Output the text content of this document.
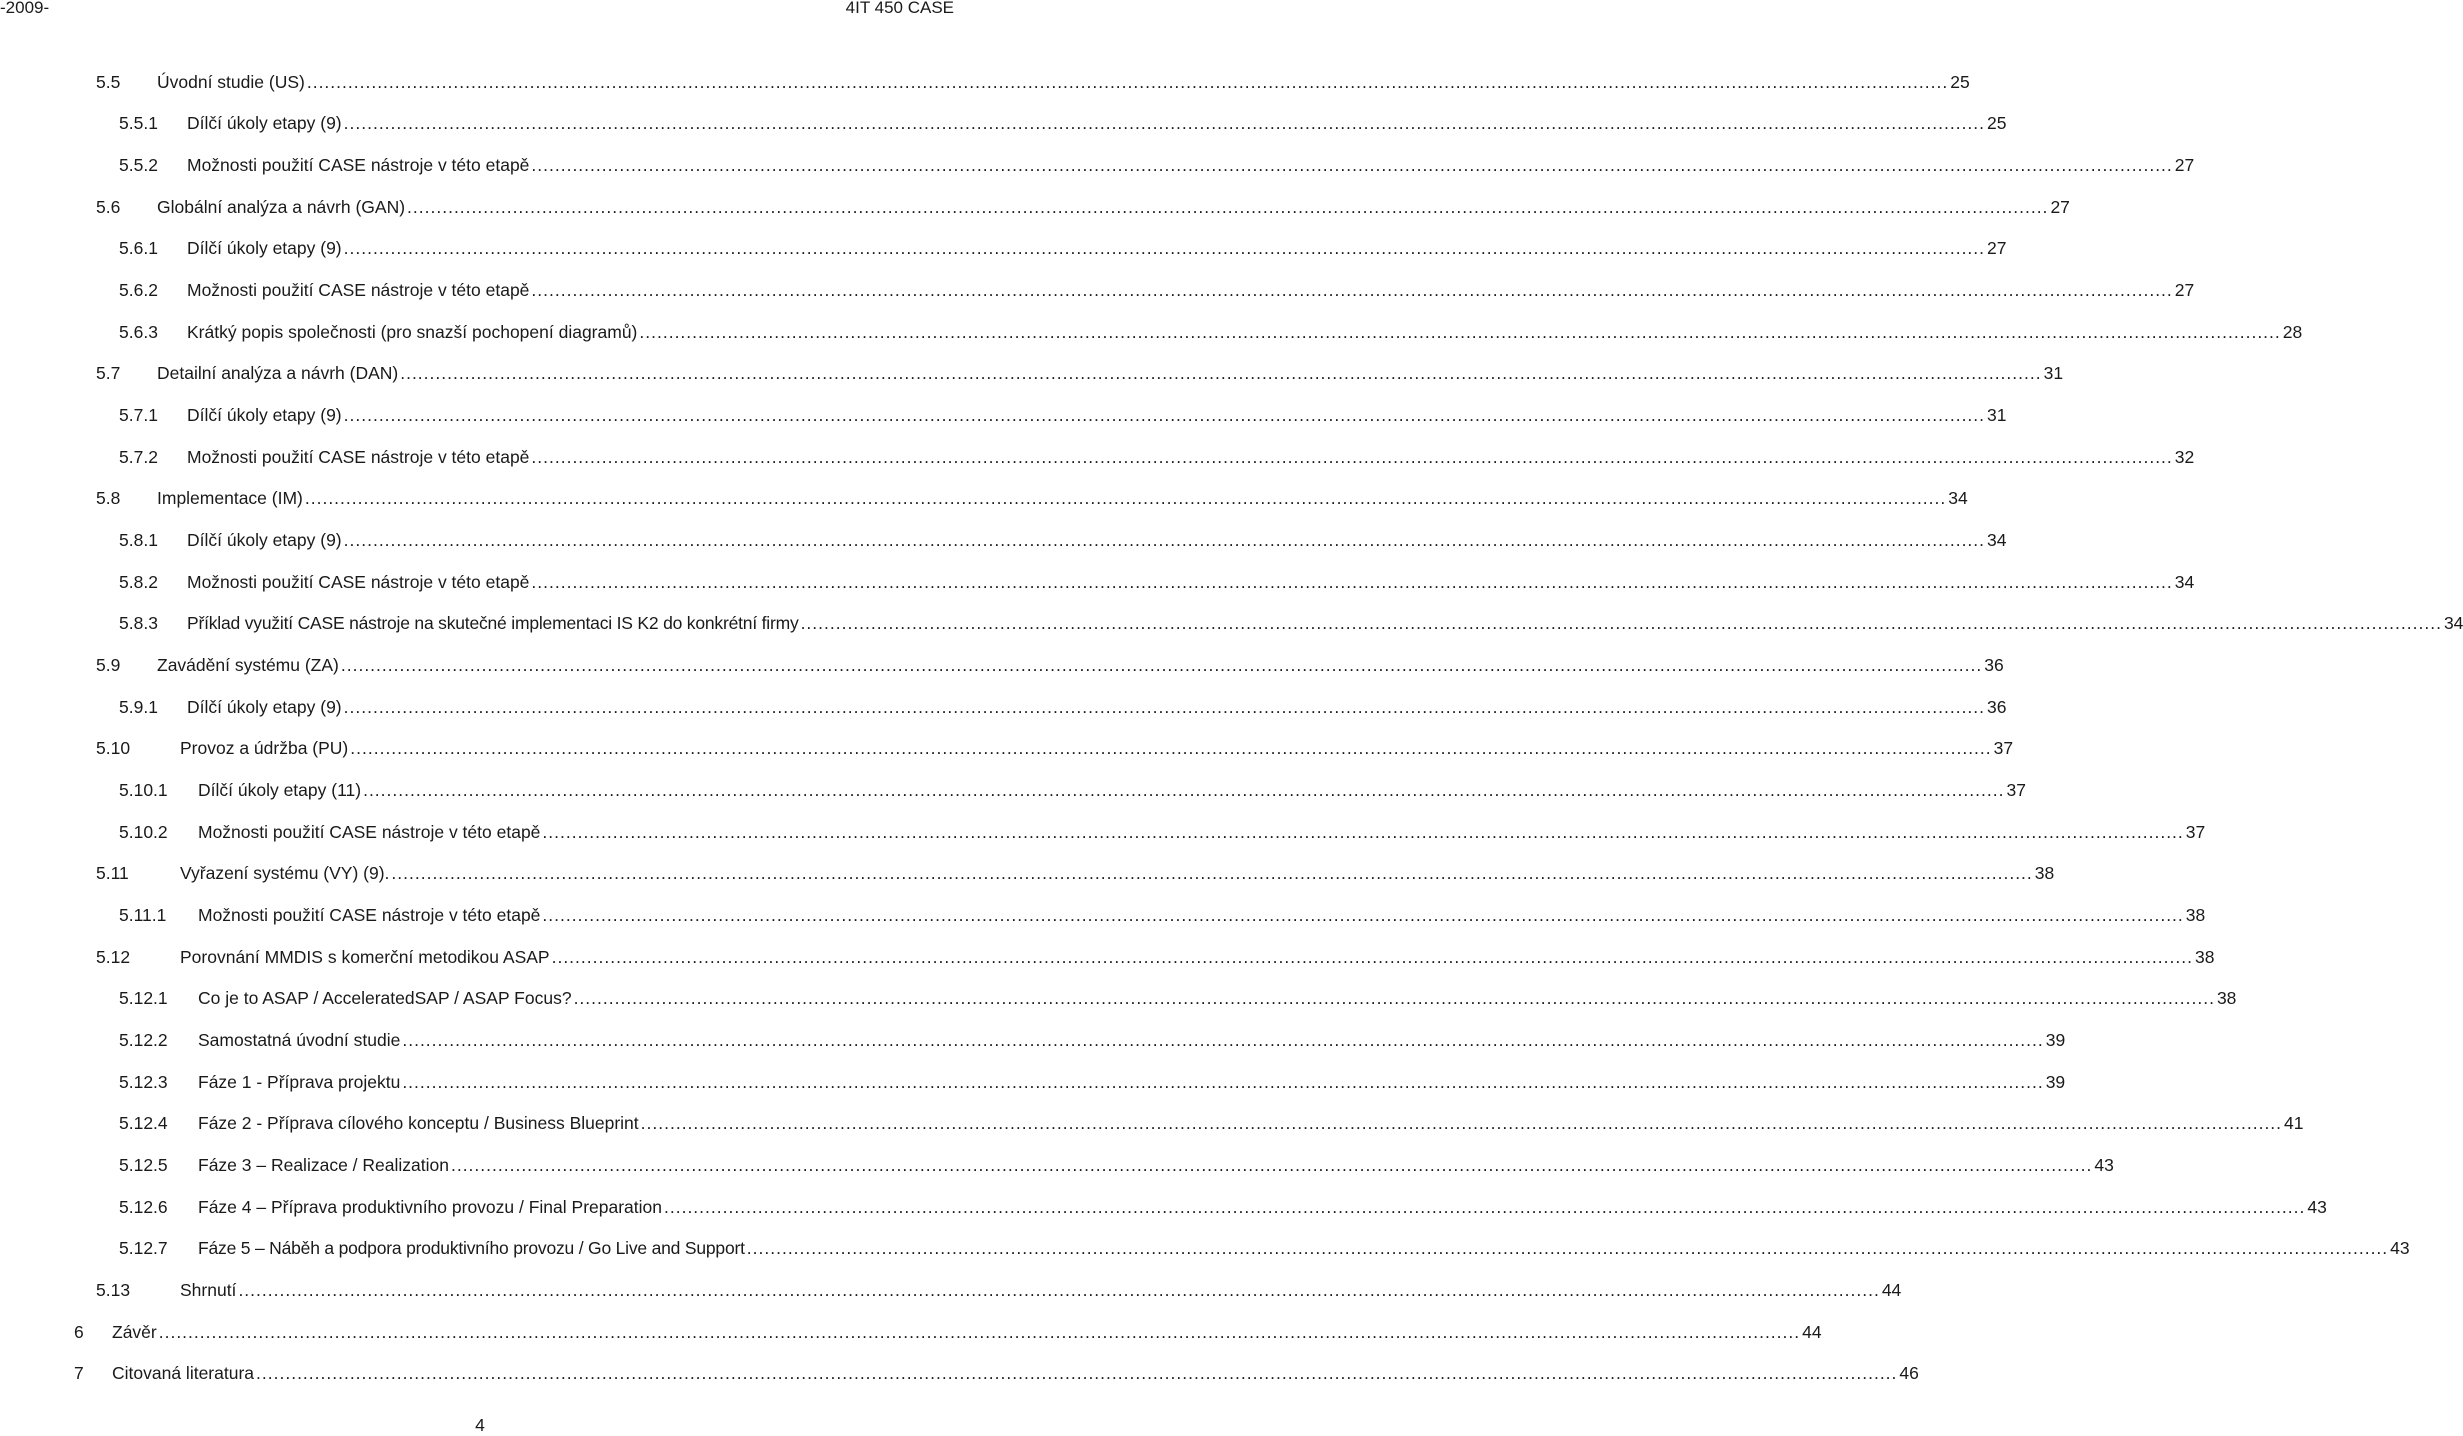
-2009-	4IT 450 CASE
5.5	Úvodní studie (US) .....	25
5.5.1	Dílčí úkoly etapy (9) .....	25
5.5.2	Možnosti použití CASE nástroje v této etapě .....	27
5.6	Globální analýza a návrh (GAN) .....	27
5.6.1	Dílčí úkoly etapy (9) .....	27
5.6.2	Možnosti použití CASE nástroje v této etapě .....	27
5.6.3	Krátký popis společnosti (pro snazší pochopení diagramů) .....	28
5.7	Detailní analýza a návrh (DAN) .....	31
5.7.1	Dílčí úkoly etapy (9) .....	31
5.7.2	Možnosti použití CASE nástroje v této etapě .....	32
5.8	Implementace (IM) .....	34
5.8.1	Dílčí úkoly etapy (9) .....	34
5.8.2	Možnosti použití CASE nástroje v této etapě .....	34
5.8.3	Příklad využití CASE nástroje na skutečné implementaci IS K2 do konkrétní firmy .....	34
5.9	Zavádění systému (ZA) .....	36
5.9.1	Dílčí úkoly etapy (9) .....	36
5.10	Provoz a údržba (PU) .....	37
5.10.1	Dílčí úkoly etapy (11) .....	37
5.10.2	Možnosti použití CASE nástroje v této etapě .....	37
5.11	Vyřazení systému (VY) (9). .....	38
5.11.1	Možnosti použití CASE nástroje v této etapě .....	38
5.12	Porovnání MMDIS s komerční metodikou ASAP .....	38
5.12.1	Co je to ASAP / AcceleratedSAP / ASAP Focus? .....	38
5.12.2	Samostatná úvodní studie .....	39
5.12.3	Fáze 1 - Příprava projektu .....	39
5.12.4	Fáze 2 - Příprava cílového konceptu / Business Blueprint .....	41
5.12.5	Fáze 3 – Realizace / Realization .....	43
5.12.6	Fáze 4 – Příprava produktivního provozu / Final Preparation .....	43
5.12.7	Fáze 5 – Náběh a podpora produktivního provozu / Go Live and Support .....	43
5.13	Shrnutí .....	44
6	Závěr .....	44
7	Citovaná literatura .....	46
4
